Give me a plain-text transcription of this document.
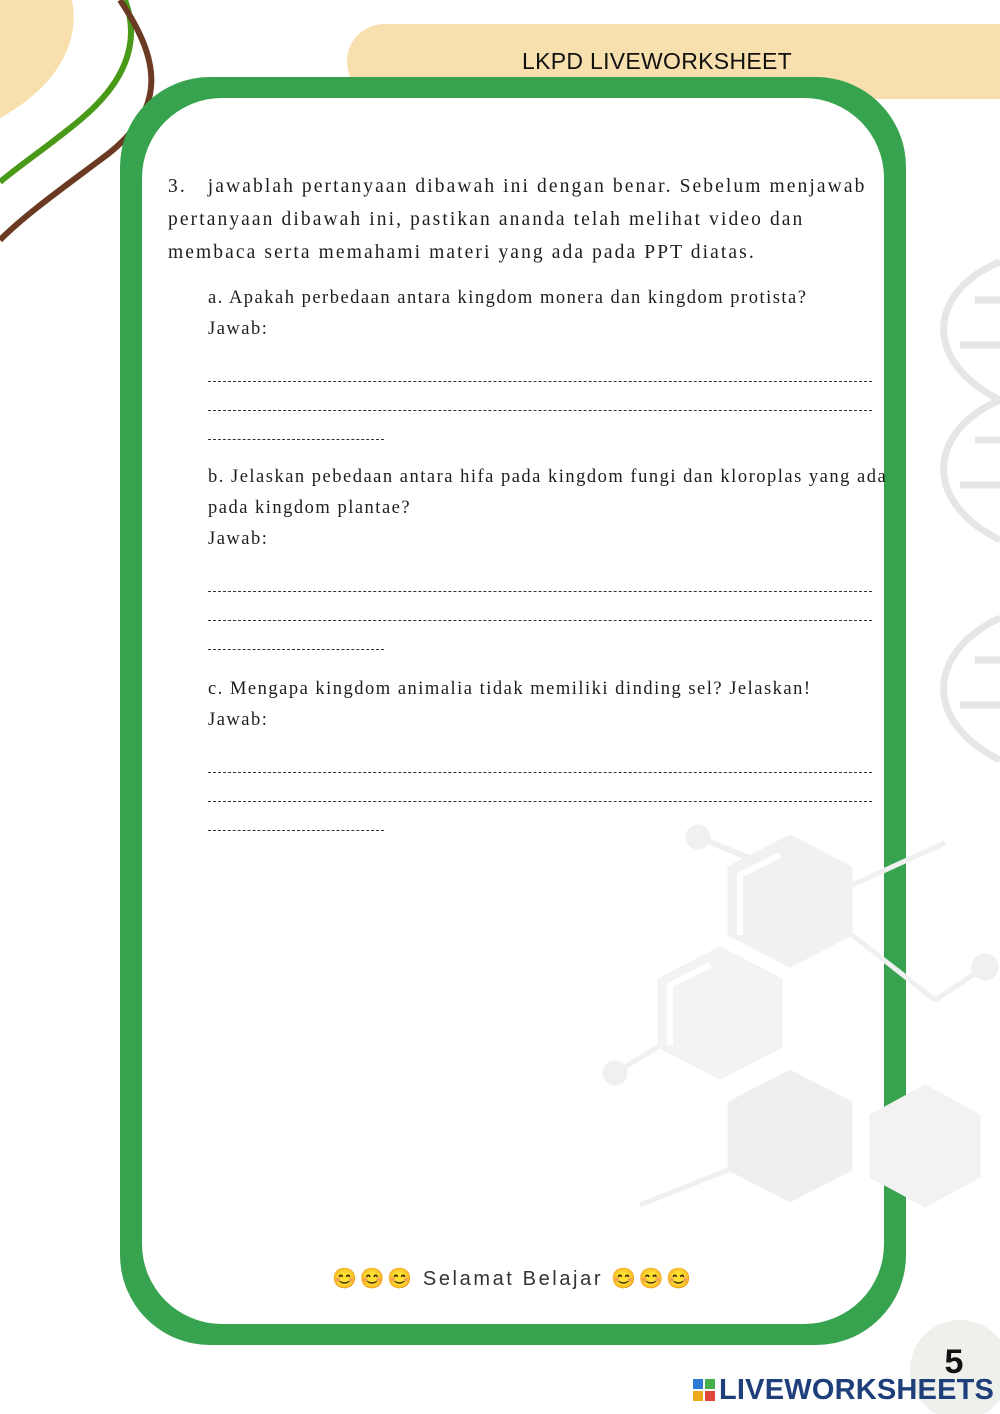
LKPD LIVEWORKSHEET

3. jawablah pertanyaan dibawah ini dengan benar. Sebelum menjawab pertanyaan dibawah ini, pastikan ananda telah melihat video dan membaca serta memahami materi yang ada pada PPT diatas.

a. Apakah perbedaan antara kingdom monera dan kingdom protista?

Jawab:

b. Jelaskan pebedaan antara hifa pada kingdom fungi dan kloroplas yang ada pada kingdom plantae?

Jawab:

c. Mengapa kingdom animalia tidak memiliki dinding sel? Jelaskan!

Jawab:

😊😊😊 Selamat Belajar 😊😊😊
5
LIVEWORKSHEETS
